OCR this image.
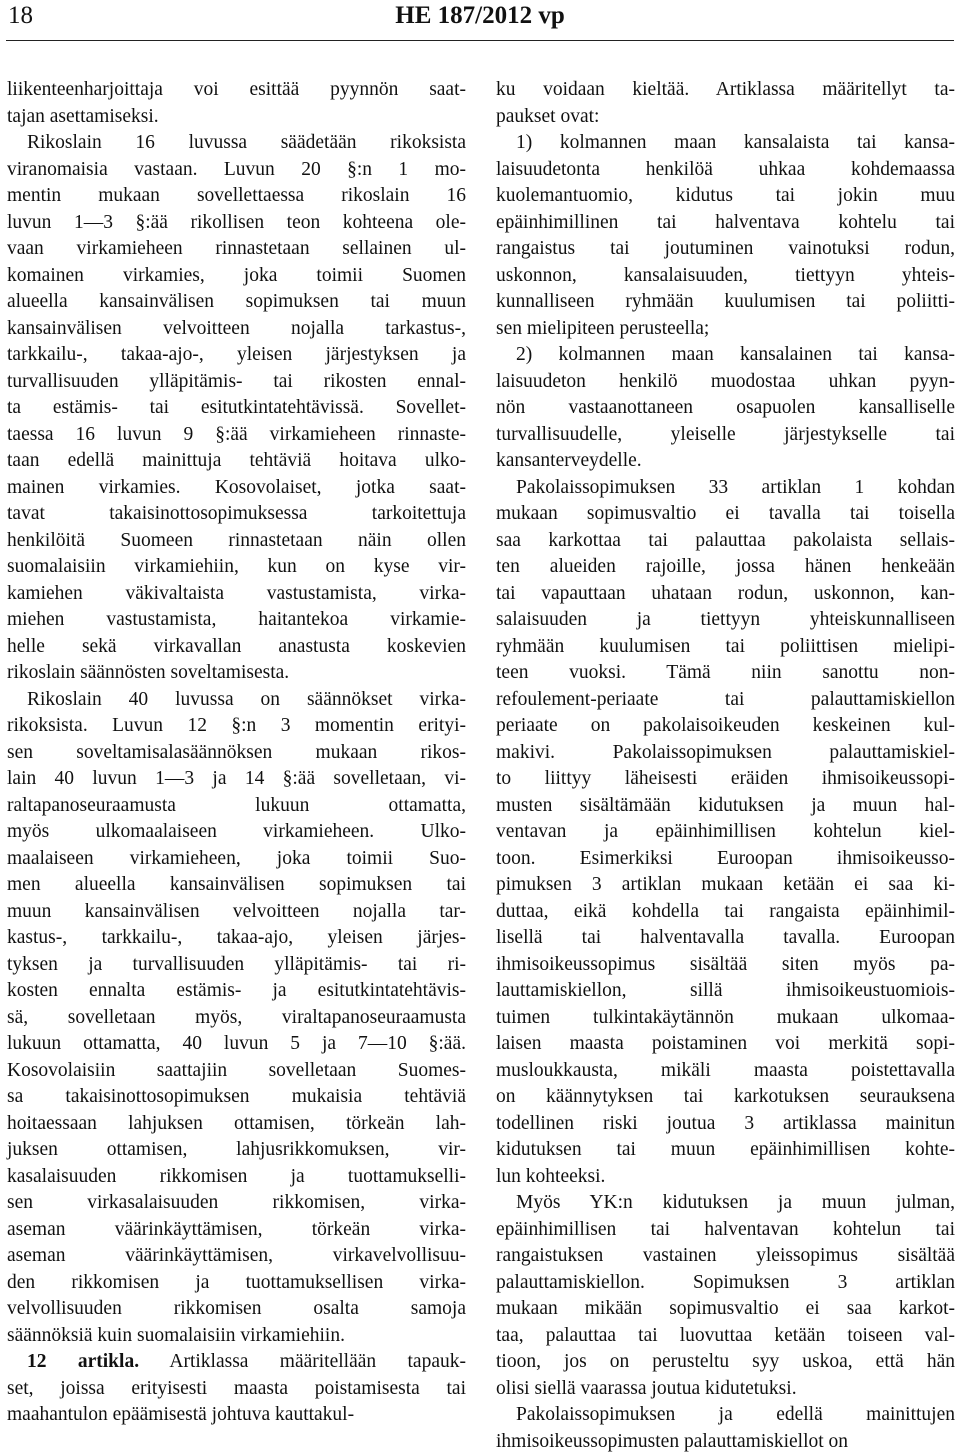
18	HE 187/2012 vp
liikenteenharjoittaja voi esittää pyynnön saat-
tajan asettamiseksi.
Rikoslain 16 luvussa säädetään rikoksista
viranomaisia vastaan. Luvun 20 §:n 1 mo-
mentin mukaan sovellettaessa rikoslain 16
luvun 1—3 §:ää rikollisen teon kohteena ole-
vaan virkamieheen rinnastetaan sellainen ul-
komainen virkamies, joka toimii Suomen
alueella kansainvälisen sopimuksen tai muun
kansainvälisen velvoitteen nojalla tarkastus-,
tarkkailu-, takaa-ajo-, yleisen järjestyksen ja
turvallisuuden ylläpitämis- tai rikosten ennal-
ta estämis- tai esitutkintatehtävissä. Sovellet-
taessa 16 luvun 9 §:ää virkamieheen rinnaste-
taan edellä mainittuja tehtäviä hoitava ulko-
mainen virkamies. Kosovolaiset, jotka saat-
tavat takaisinottosopimuksessa tarkoitettuja
henkilöitä Suomeen rinnastetaan näin ollen
suomalaisiin virkamiehiin, kun on kyse vir-
kamiehen väkivaltaista vastustamista, virka-
miehen vastustamista, haitantekoa virkamie-
helle sekä virkavallan anastusta koskevien
rikoslain säännösten soveltamisesta.
Rikoslain 40 luvussa on säännökset virka-
rikoksista. Luvun 12 §:n 3 momentin erityi-
sen soveltamisalasäännöksen mukaan rikos-
lain 40 luvun 1—3 ja 14 §:ää sovelletaan, vi-
raltapanoseuraamusta lukuun ottamatta,
myös ulkomaalaiseen virkamieheen. Ulko-
maalaiseen virkamieheen, joka toimii Suo-
men alueella kansainvälisen sopimuksen tai
muun kansainvälisen velvoitteen nojalla tar-
kastus-, tarkkailu-, takaa-ajo, yleisen järjes-
tyksen ja turvallisuuden ylläpitämis- tai ri-
kosten ennalta estämis- ja esitutkintatehtävis-
sä, sovelletaan myös, viraltapanoseuraamusta
lukuun ottamatta, 40 luvun 5 ja 7—10 §:ää.
Kosovolaisiin saattajiin sovelletaan Suomes-
sa takaisinottosopimuksen mukaisia tehtäviä
hoitaessaan lahjuksen ottamisen, törkeän lah-
juksen ottamisen, lahjusrikkomuksen, vir-
kasalaisuuden rikkomisen ja tuottamukselli-
sen virkasalaisuuden rikkomisen, virka-
aseman väärinkäyttämisen, törkeän virka-
aseman väärinkäyttämisen, virkavelvollisuu-
den rikkomisen ja tuottamuksellisen virka-
velvollisuuden rikkomisen osalta samoja
säännöksiä kuin suomalaisiin virkamiehiin.
12 artikla. Artiklassa määritellään tapauk-
set, joissa erityisesti maasta poistamisesta tai
maahantulon epäämisestä johtuva kauttakul-
ku voidaan kieltää. Artiklassa määritellyt ta-
paukset ovat:
1) kolmannen maan kansalaista tai kansa-
laisuudetonta henkilöä uhkaa kohdemaassa
kuolemantuomio, kidutus tai jokin muu
epäinhimillinen tai halventava kohtelu tai
rangaistus tai joutuminen vainotuksi rodun,
uskonnon, kansalaisuuden, tiettyyn yhteis-
kunnalliseen ryhmään kuulumisen tai poliitti-
sen mielipiteen perusteella;
2) kolmannen maan kansalainen tai kansa-
laisuudeton henkilö muodostaa uhkan pyyn-
nön vastaanottaneen osapuolen kansalliselle
turvallisuudelle, yleiselle järjestykselle tai
kansanterveydelle.
Pakolaissopimuksen 33 artiklan 1 kohdan
mukaan sopimusvaltio ei tavalla tai toisella
saa karkottaa tai palauttaa pakolaista sellais-
ten alueiden rajoille, jossa hänen henkeään
tai vapauttaan uhataan rodun, uskonnon, kan-
salaisuuden ja tiettyyn yhteiskunnalliseen
ryhmään kuulumisen tai poliittisen mielipi-
teen vuoksi. Tämä niin sanottu non-
refoulement-periaate tai palauttamiskiellon
periaate on pakolaisoikeuden keskeinen kul-
makivi. Pakolaissopimuksen palauttamiskiel-
to liittyy läheisesti eräiden ihmisoikeussopi-
musten sisältämään kidutuksen ja muun hal-
ventavan ja epäinhimillisen kohtelun kiel-
toon. Esimerkiksi Euroopan ihmisoikeusso-
pimuksen 3 artiklan mukaan ketään ei saa ki-
duttaa, eikä kohdella tai rangaista epäinhimil-
lisellä tai halventavalla tavalla. Euroopan
ihmisoikeussopimus sisältää siten myös pa-
lauttamiskiellon, sillä ihmisoikeustuomiois-
tuimen tulkintakäytännön mukaan ulkomaa-
laisen maasta poistaminen voi merkitä sopi-
musloukkausta, mikäli maasta poistettavalla
on käännytyksen tai karkotuksen seurauksena
todellinen riski joutua 3 artiklassa mainitun
kidutuksen tai muun epäinhimillisen kohte-
lun kohteeksi.
Myös YK:n kidutuksen ja muun julman,
epäinhimillisen tai halventavan kohtelun tai
rangaistuksen vastainen yleissopimus sisältää
palauttamiskiellon. Sopimuksen 3 artiklan
mukaan mikään sopimusvaltio ei saa karkot-
taa, palauttaa tai luovuttaa ketään toiseen val-
tioon, jos on perusteltu syy uskoa, että hän
olisi siellä vaarassa joutua kidutetuksi.
Pakolaissopimuksen ja edellä mainittujen
ihmisoikeussopimusten palauttamiskiellot on
